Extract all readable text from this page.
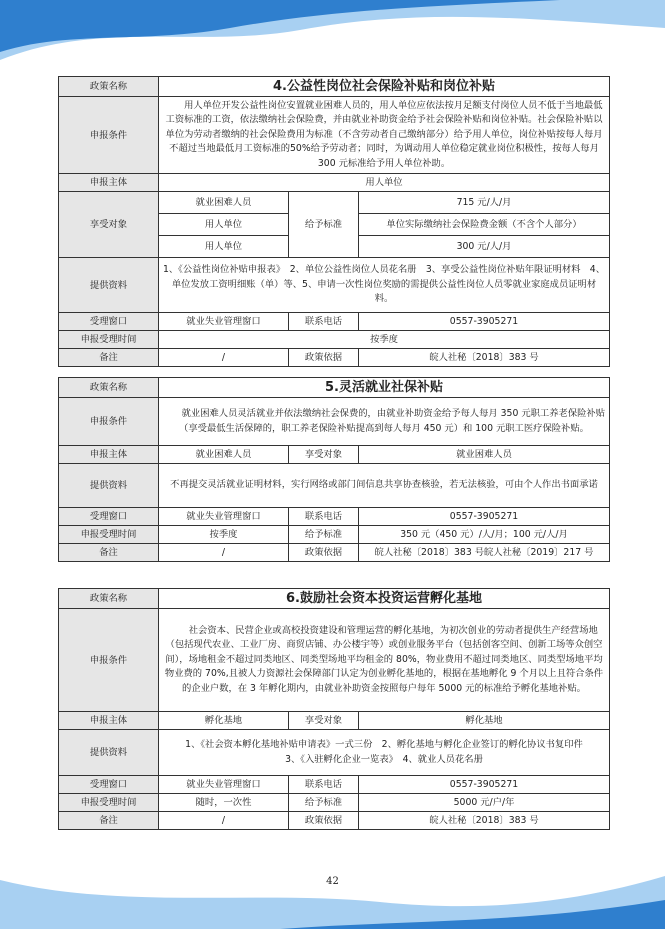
政策名称	4.公益性岗位社会保险补贴和岗位补贴		
申报条件	用人单位开发公益性岗位安置就业困难人员的，用人单位应依法按月足额支付岗位人员不低于当地最低工资标准的工资，依法缴纳社会保险费，并由就业补助资金给予社会保险补贴和岗位补贴。社会保险补贴以单位为劳动者缴纳的社会保险费用为标准（不含劳动者自己缴纳部分）给予用人单位，岗位补贴按每人每月不超过当地最低月工资标准的50%给予劳动者；同时，为调动用人单位稳定就业岗位积极性，按每人每月 300 元标准给予用人单位补助。		
申报主体	用人单位		
享受对象	就业困难人员	给予标准	715 元/人/月
	用人单位		单位实际缴纳社会保险费金额（不含个人部分）
	用人单位		300 元/人/月
提供资料	1、《公益性岗位补贴申报表》　2、单位公益性岗位人员花名册　3、享受公益性岗位补贴年限证明材料　4、单位发放工资明细账（单）等、5、申请一次性岗位奖励的需提供公益性岗位人员零就业家庭成员证明材料。		
受理窗口	就业失业管理窗口	联系电话	0557-3905271
申报受理时间	按季度		
备注	/	政策依据	皖人社秘〔2018〕383 号
政策名称	5.灵活就业社保补贴		
申报条件	就业困难人员灵活就业并依法缴纳社会保费的，由就业补助资金给予每人每月 350 元职工养老保险补贴（享受最低生活保障的，职工养老保险补贴提高到每人每月 450 元）和 100 元职工医疗保险补贴。		
申报主体	就业困难人员	享受对象	就业困难人员
提供资料	不再提交灵活就业证明材料，实行网络或部门间信息共享协查核验，若无法核验，可由个人作出书面承诺		
受理窗口	就业失业管理窗口	联系电话	0557-3905271
申报受理时间	按季度	给予标准	350 元（450 元）/人/月；100 元/人/月
备注	/	政策依据	皖人社秘〔2018〕383 号皖人社秘〔2019〕217 号
政策名称	6.鼓励社会资本投资运营孵化基地		
申报条件	社会资本、民营企业或高校投资建设和管理运营的孵化基地，为初次创业的劳动者提供生产经营场地（包括现代农业、工业厂房、商贸店铺、办公楼宇等）或创业服务平台（包括创客空间、创新工场等众创空间），场地租金不超过同类地区、同类型场地平均租金的 80%，物业费用不超过同类地区、同类型场地平均物业费的 70%,且被人力资源社会保障部门认定为创业孵化基地的，根据在基地孵化 9 个月以上且符合条件的企业户数，在 3 年孵化期内，由就业补助资金按照每户每年 5000 元的标准给予孵化基地补贴。		
申报主体	孵化基地	享受对象	孵化基地
提供资料	1、《社会资本孵化基地补贴申请表》一式三份　2、孵化基地与孵化企业签订的孵化协议书复印件
3、《入驻孵化企业一览表》　4、就业人员花名册		

受理窗口	就业失业管理窗口	联系电话	0557-3905271
申报受理时间	随时，一次性	给予标准	5000 元/户/年
备注	/	政策依据	皖人社秘〔2018〕383 号
42
